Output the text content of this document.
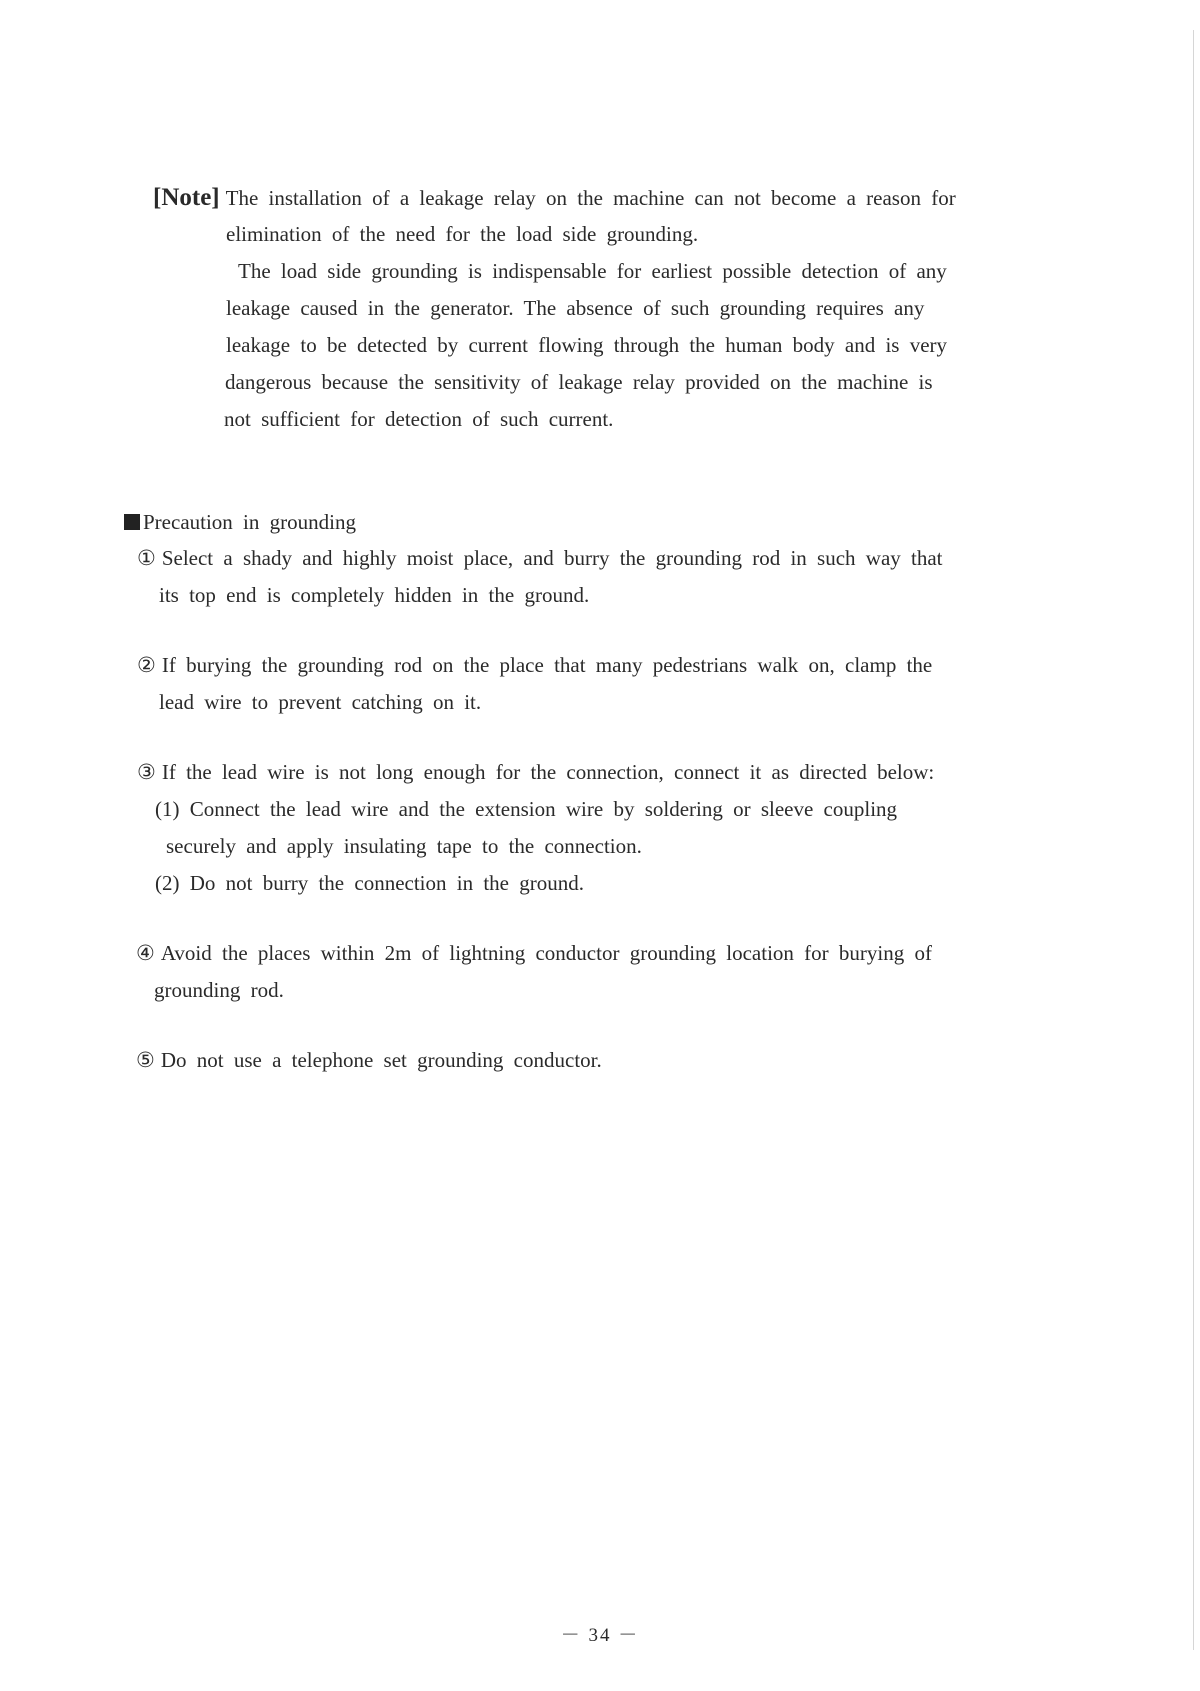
[Note] The installation of a leakage relay on the machine can not become a reason for
elimination of the need for the load side grounding.
The load side grounding is indispensable for earliest possible detection of any
leakage caused in the generator. The absence of such grounding requires any
leakage to be detected by current flowing through the human body and is very
dangerous because the sensitivity of leakage relay provided on the machine is
not sufficient for detection of such current.
Precaution in grounding
① Select a shady and highly moist place, and burry the grounding rod in such way that
its top end is completely hidden in the ground.
② If burying the grounding rod on the place that many pedestrians walk on, clamp the
lead wire to prevent catching on it.
③ If the lead wire is not long enough for the connection, connect it as directed below:
(1) Connect the lead wire and the extension wire by soldering or sleeve coupling
securely and apply insulating tape to the connection.
(2) Do not burry the connection in the ground.
④ Avoid the places within 2m of lightning conductor grounding location for burying of
grounding rod.
⑤ Do not use a telephone set grounding conductor.
－ 34 －
